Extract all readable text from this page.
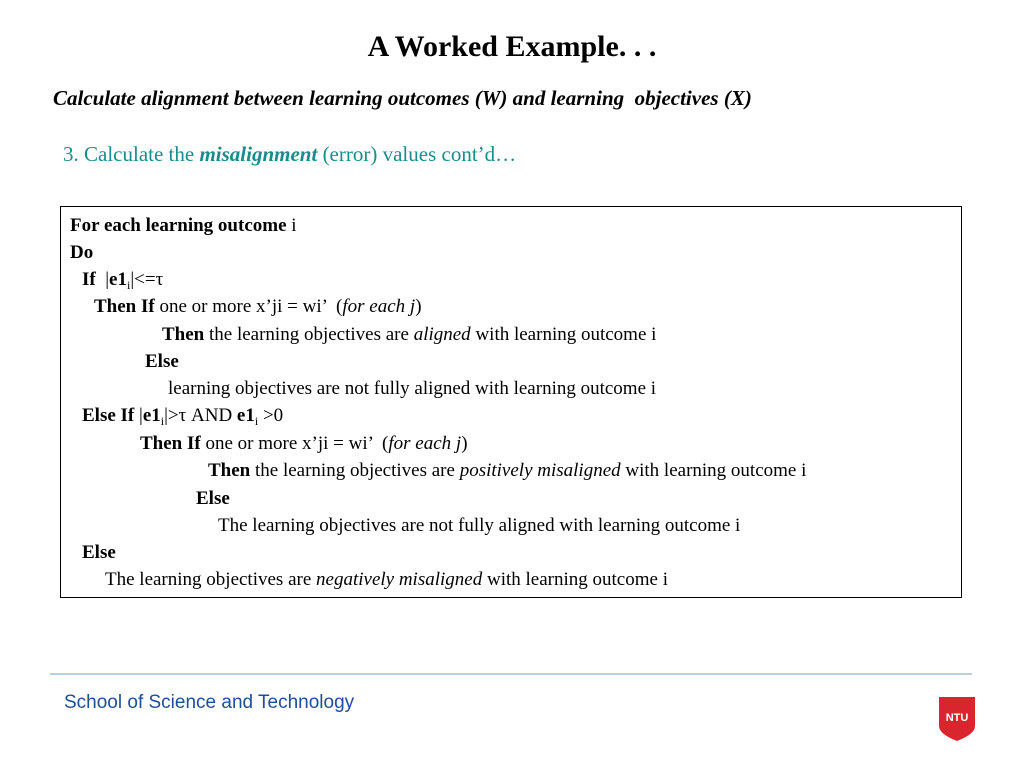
A Worked Example. . .

Calculate alignment between learning outcomes (W) and learning  objectives (X)

3. Calculate the misalignment (error) values cont’d…

For each learning outcome i
Do
If $|e1_i|<=\tau$
Then If one or more x’ji = wi’  (for each j)
Then the learning objectives are aligned with learning outcome i
Else
learning objectives are not fully aligned with learning outcome i
Else If $|e1_i|>\tau$ AND $e1_i >0$
Then If one or more x’ji = wi’  (for each j)
Then the learning objectives are positively misaligned with learning outcome i
Else
The learning objectives are not fully aligned with learning outcome i
Else
The learning objectives are negatively misaligned with learning outcome i

School of Science and Technology

NTU
